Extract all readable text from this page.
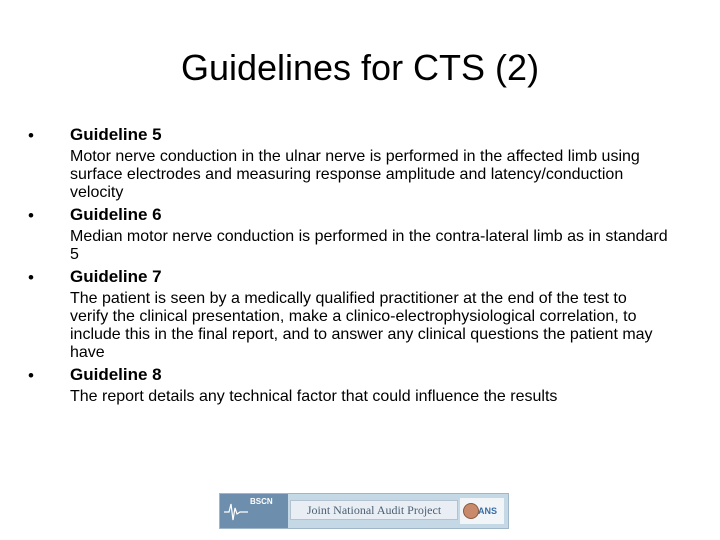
Guidelines for CTS (2)
• Guideline 5
Motor nerve conduction in the ulnar nerve is performed in the affected limb using surface electrodes and measuring response amplitude and latency/conduction velocity
• Guideline 6
Median motor nerve conduction is performed in the contra-lateral limb as in standard 5
• Guideline 7
The patient is seen by a medically qualified practitioner at the end of the test to verify the clinical presentation, make a clinico-electrophysiological correlation, to include this in the final report, and to answer any clinical questions the patient may have
• Guideline 8
The report details any technical factor that could influence the results
BSCN
Joint National Audit Project	ANS
